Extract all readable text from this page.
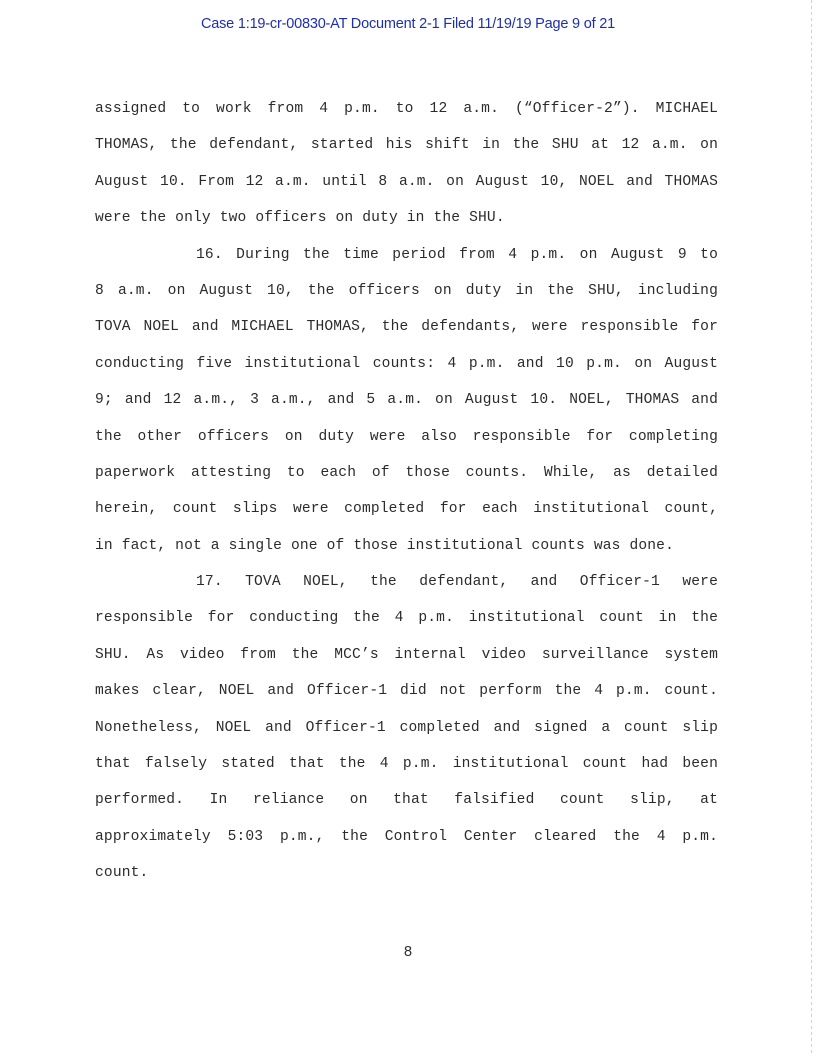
Case 1:19-cr-00830-AT Document 2-1 Filed 11/19/19 Page 9 of 21
assigned to work from 4 p.m. to 12 a.m. (“Officer-2”). MICHAEL
THOMAS, the defendant, started his shift in the SHU at 12 a.m. on
August 10. From 12 a.m. until 8 a.m. on August 10, NOEL and THOMAS
were the only two officers on duty in the SHU.
16. During the time period from 4 p.m. on August 9 to
8 a.m. on August 10, the officers on duty in the SHU, including
TOVA NOEL and MICHAEL THOMAS, the defendants, were responsible for
conducting five institutional counts: 4 p.m. and 10 p.m. on August
9; and 12 a.m., 3 a.m., and 5 a.m. on August 10. NOEL, THOMAS and
the other officers on duty were also responsible for completing
paperwork attesting to each of those counts. While, as detailed
herein, count slips were completed for each institutional count,
in fact, not a single one of those institutional counts was done.
17. TOVA NOEL, the defendant, and Officer-1 were
responsible for conducting the 4 p.m. institutional count in the
SHU. As video from the MCC’s internal video surveillance system
makes clear, NOEL and Officer-1 did not perform the 4 p.m. count.
Nonetheless, NOEL and Officer-1 completed and signed a count slip
that falsely stated that the 4 p.m. institutional count had been
performed. In reliance on that falsified count slip, at
approximately 5:03 p.m., the Control Center cleared the 4 p.m.
count.
8
